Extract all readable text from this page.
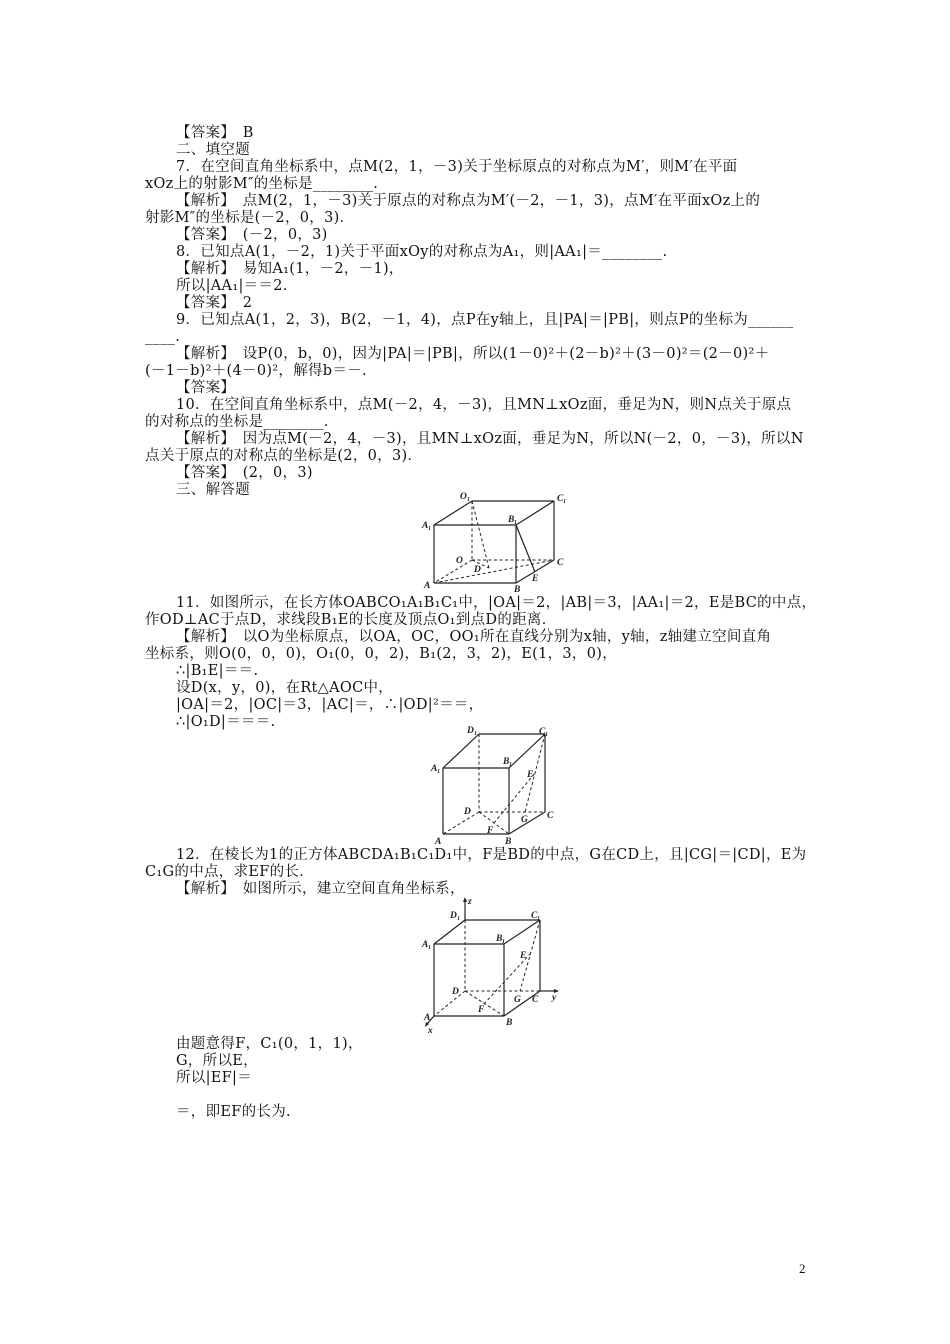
【答案】　B
二、填空题
7．在空间直角坐标系中，点M(2，1，－3)关于坐标原点的对称点为M′，则M′在平面
xOz上的射影M″的坐标是________.
【解析】　点M(2，1，－3)关于原点的对称点为M′(－2，－1，3)，点M′在平面xOz上的
射影M″的坐标是(－2，0，3)．
【答案】　(－2，0，3)
8．已知点A(1，－2，1)关于平面xOy的对称点为A₁，则|AA₁|＝________.
【解析】　易知A₁(1，－2，－1)，
所以|AA₁|＝＝2.
【答案】　2
9．已知点A(1，2，3)，B(2，－1，4)，点P在y轴上，且|PA|＝|PB|，则点P的坐标为______
____.
【解析】　设P(0，b，0)，因为|PA|＝|PB|，所以(1－0)²＋(2－b)²＋(3－0)²＝(2－0)²＋
(－1－b)²＋(4－0)²，解得b＝－.
【答案】
10．在空间直角坐标系中，点M(－2，4，－3)，且MN⊥xOz面，垂足为N，则N点关于原点
的对称点的坐标是________.
【解析】　因为点M(－2，4，－3)，且MN⊥xOz面，垂足为N，所以N(－2，0，－3)，所以N
点关于原点的对称点的坐标是(2，0，3)．
【答案】　(2，0，3)
三、解答题	O 1	C 1
A 1
B 1
O
D
C
A
E
B
11．如图所示，在长方体OABCO₁A₁B₁C₁中，|OA|＝2，|AB|＝3，|AA₁|＝2，E是BC的中点，
作OD⊥AC于点D，求线段B₁E的长度及顶点O₁到点D的距离．
【解析】　以O为坐标原点，以OA，OC，OO₁所在直线分别为x轴，y轴，z轴建立空间直角
坐标系，则O(0，0，0)，O₁(0，0，2)，B₁(2，3，2)，E(1，3，0)，
∴|B₁E|＝＝.
设D(x，y，0)，在Rt△AOC中，
|OA|＝2，|OC|＝3，|AC|＝，∴|OD|²＝＝，
∴|O₁D|＝＝＝.
D 1	C 1
A 1
B 1
E
D
G C
F
A	B
12．在棱长为1的正方体ABCDA₁B₁C₁D₁中，F是BD的中点，G在CD上，且|CG|＝|CD|，E为
C₁G的中点，求EF的长．
【解析】　如图所示，建立空间直角坐标系，
z
D 1	C 1
A 1
B 1
E
D
G C y
F
A	B
x
由题意得F，C₁(0，1，1)，
G，所以E，
所以|EF|＝
＝，即EF的长为.
2
